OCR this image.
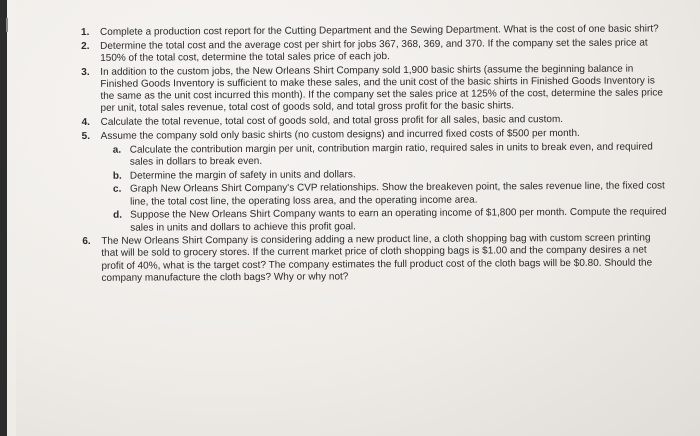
1. Complete a production cost report for the Cutting Department and the Sewing Department. What is the cost of one basic shirt?
2. Determine the total cost and the average cost per shirt for jobs 367, 368, 369, and 370. If the company set the sales price at 150% of the total cost, determine the total sales price of each job.
3. In addition to the custom jobs, the New Orleans Shirt Company sold 1,900 basic shirts (assume the beginning balance in Finished Goods Inventory is sufficient to make these sales, and the unit cost of the basic shirts in Finished Goods Inventory is the same as the unit cost incurred this month). If the company set the sales price at 125% of the cost, determine the sales price per unit, total sales revenue, total cost of goods sold, and total gross profit for the basic shirts.
4. Calculate the total revenue, total cost of goods sold, and total gross profit for all sales, basic and custom.
5. Assume the company sold only basic shirts (no custom designs) and incurred fixed costs of $500 per month.
a. Calculate the contribution margin per unit, contribution margin ratio, required sales in units to break even, and required sales in dollars to break even.
b. Determine the margin of safety in units and dollars.
c. Graph New Orleans Shirt Company's CVP relationships. Show the breakeven point, the sales revenue line, the fixed cost line, the total cost line, the operating loss area, and the operating income area.
d. Suppose the New Orleans Shirt Company wants to earn an operating income of $1,800 per month. Compute the required sales in units and dollars to achieve this profit goal.
6. The New Orleans Shirt Company is considering adding a new product line, a cloth shopping bag with custom screen printing that will be sold to grocery stores. If the current market price of cloth shopping bags is $1.00 and the company desires a net profit of 40%, what is the target cost? The company estimates the full product cost of the cloth bags will be $0.80. Should the company manufacture the cloth bags? Why or why not?
